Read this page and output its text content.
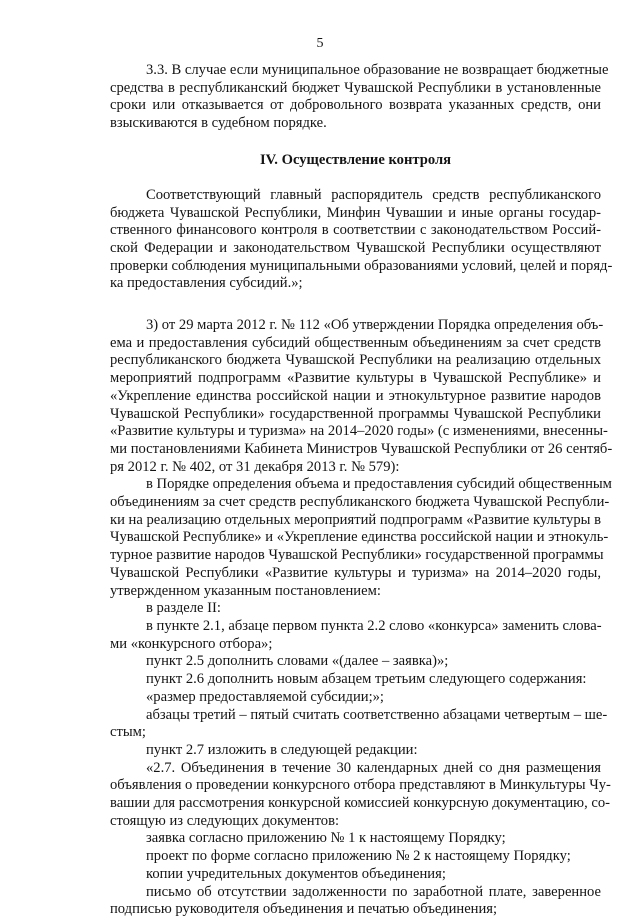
5

3.3. В случае если муниципальное образование не возвращает бюджетные
средства в республиканский бюджет Чувашской Республики в установленные
сроки или отказывается от добровольного возврата указанных средств, они
взыскиваются в судебном порядке.

IV. Осуществление контроля

Соответствующий главный распорядитель средств республиканского
бюджета Чувашской Республики, Минфин Чувашии и иные органы государ-
ственного финансового контроля в соответствии с законодательством Россий-
ской Федерации и законодательством Чувашской Республики осуществляют
проверки соблюдения муниципальными образованиями условий, целей и поряд-
ка предоставления субсидий.»;

3) от 29 марта 2012 г. № 112 «Об утверждении Порядка определения объ-
ема и предоставления субсидий общественным объединениям за счет средств
республиканского бюджета Чувашской Республики на реализацию отдельных
мероприятий подпрограмм «Развитие культуры в Чувашской Республике» и
«Укрепление единства российской нации и этнокультурное развитие народов
Чувашской Республики» государственной программы Чувашской Республики
«Развитие культуры и туризма» на 2014–2020 годы» (с изменениями, внесенны-
ми постановлениями Кабинета Министров Чувашской Республики от 26 сентяб-
ря 2012 г. № 402, от 31 декабря 2013 г. № 579):

в Порядке определения объема и предоставления субсидий общественным
объединениям за счет средств республиканского бюджета Чувашской Республи-
ки на реализацию отдельных мероприятий подпрограмм «Развитие культуры в
Чувашской Республике» и «Укрепление единства российской нации и этнокуль-
турное развитие народов Чувашской Республики» государственной программы
Чувашской Республики «Развитие культуры и туризма» на 2014–2020 годы,
утвержденном указанным постановлением:

в разделе II:

в пункте 2.1, абзаце первом пункта 2.2 слово «конкурса» заменить слова-
ми «конкурсного отбора»;

пункт 2.5 дополнить словами «(далее – заявка)»;

пункт 2.6 дополнить новым абзацем третьим следующего содержания:

«размер предоставляемой субсидии;»;

абзацы третий – пятый считать соответственно абзацами четвертым – ше-
стым;

пункт 2.7 изложить в следующей редакции:

«2.7. Объединения в течение 30 календарных дней со дня размещения
объявления о проведении конкурсного отбора представляют в Минкультуры Чу-
вашии для рассмотрения конкурсной комиссией конкурсную документацию, со-
стоящую из следующих документов:

заявка согласно приложению № 1 к настоящему Порядку;

проект по форме согласно приложению № 2 к настоящему Порядку;

копии учредительных документов объединения;

письмо об отсутствии задолженности по заработной плате, заверенное
подписью руководителя объединения и печатью объединения;
